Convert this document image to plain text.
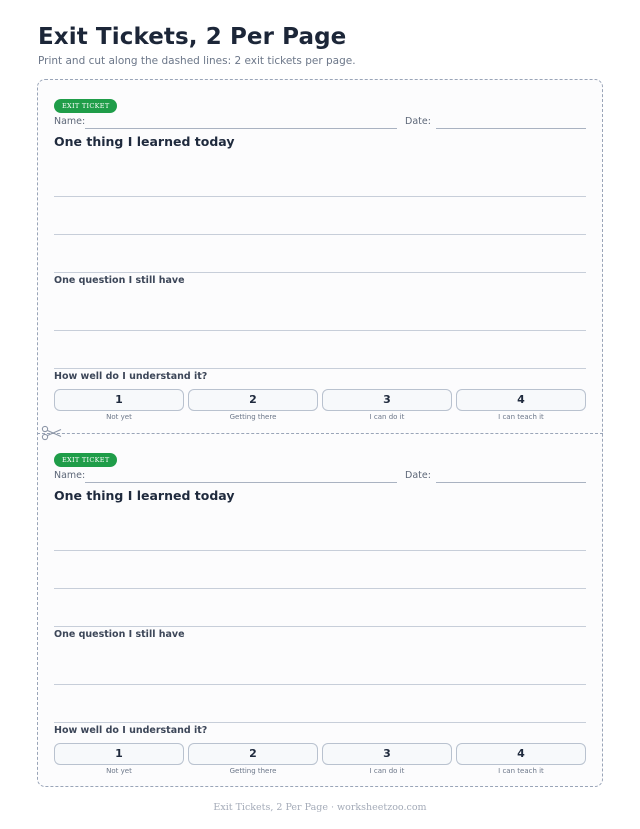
Exit Tickets, 2 Per Page
Print and cut along the dashed lines: 2 exit tickets per page.
EXIT TICKET
Name:	Date:
One thing I learned today
One question I still have
How well do I understand it?
1	2	3	4
Not yet	Getting there	I can do it	I can teach it
EXIT TICKET
Name:	Date:
One thing I learned today
One question I still have
How well do I understand it?
1	2	3	4
Not yet	Getting there	I can do it	I can teach it
Exit Tickets, 2 Per Page · worksheetzoo.com
